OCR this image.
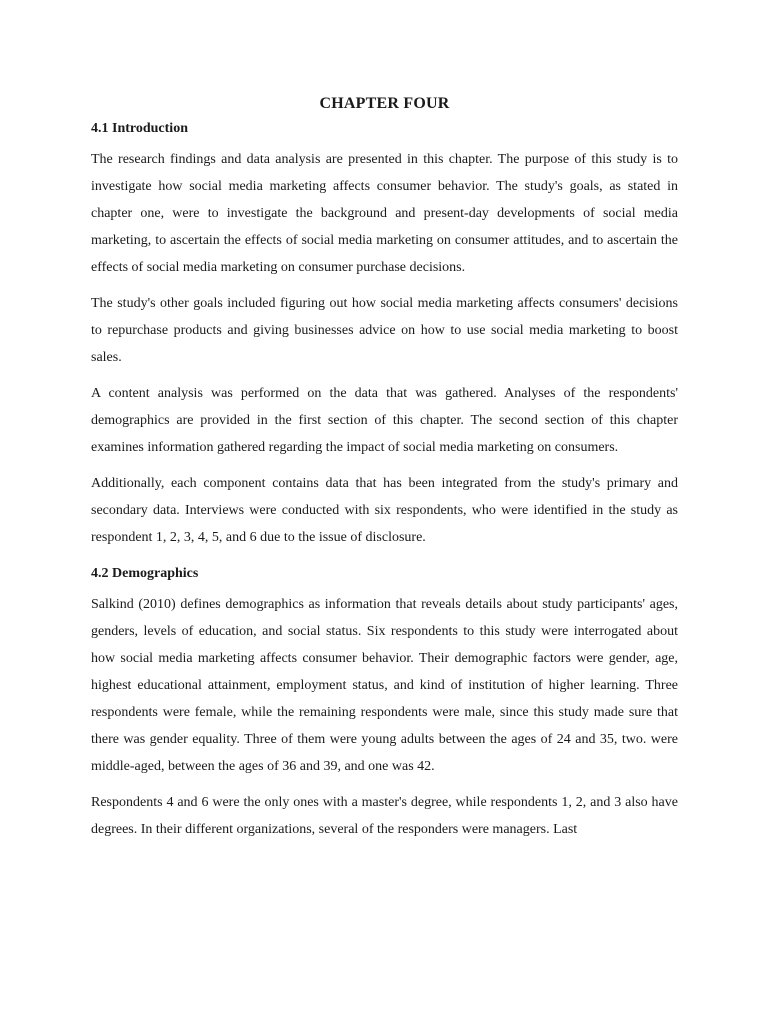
CHAPTER FOUR
4.1 Introduction

The research findings and data analysis are presented in this chapter. The purpose of this study is to investigate how social media marketing affects consumer behavior. The study's goals, as stated in chapter one, were to investigate the background and present-day developments of social media marketing, to ascertain the effects of social media marketing on consumer attitudes, and to ascertain the effects of social media marketing on consumer purchase decisions.

The study's other goals included figuring out how social media marketing affects consumers' decisions to repurchase products and giving businesses advice on how to use social media marketing to boost sales.

A content analysis was performed on the data that was gathered. Analyses of the respondents' demographics are provided in the first section of this chapter. The second section of this chapter examines information gathered regarding the impact of social media marketing on consumers.

Additionally, each component contains data that has been integrated from the study's primary and secondary data. Interviews were conducted with six respondents, who were identified in the study as respondent 1, 2, 3, 4, 5, and 6 due to the issue of disclosure.

4.2 Demographics

Salkind (2010) defines demographics as information that reveals details about study participants' ages, genders, levels of education, and social status. Six respondents to this study were interrogated about how social media marketing affects consumer behavior. Their demographic factors were gender, age, highest educational attainment, employment status, and kind of institution of higher learning. Three respondents were female, while the remaining respondents were male, since this study made sure that there was gender equality. Three of them were young adults between the ages of 24 and 35, two. were middle-aged, between the ages of 36 and 39, and one was 42.

Respondents 4 and 6 were the only ones with a master's degree, while respondents 1, 2, and 3 also have degrees. In their different organizations, several of the responders were managers. Last
